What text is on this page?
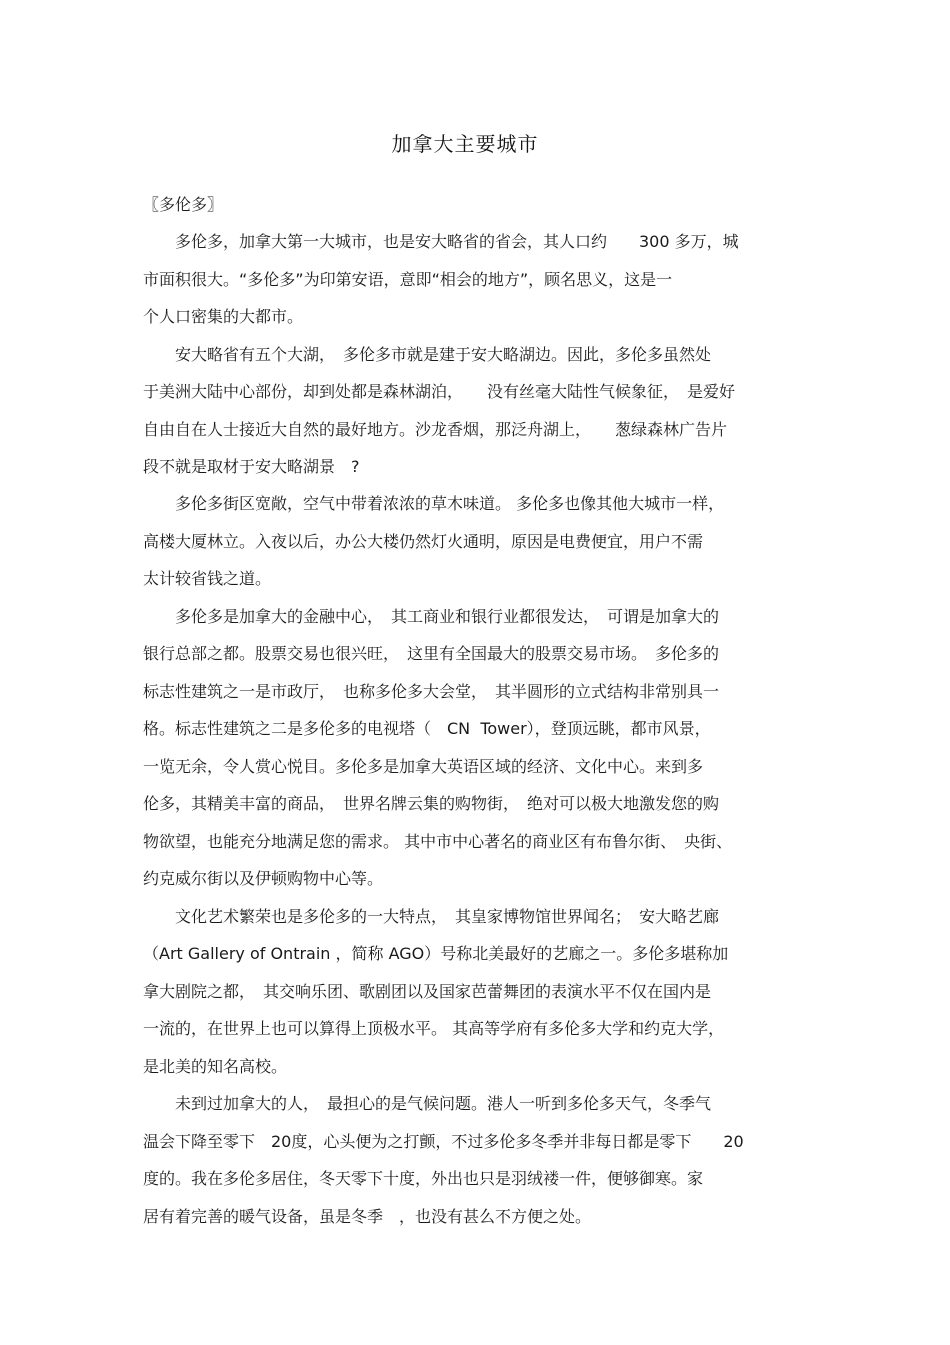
加拿大主要城市
〖多伦多〗
　　多伦多，加拿大第一大城市，也是安大略省的省会，其人口约　　300 多万，城
市面积很大。“多伦多”为印第安语，意即“相会的地方”，顾名思义，这是一
个人口密集的大都市。
　　安大略省有五个大湖，　多伦多市就是建于安大略湖边。因此，多伦多虽然处
于美洲大陆中心部份，却到处都是森林湖泊，　　没有丝毫大陆性气候象征，　是爱好
自由自在人士接近大自然的最好地方。沙龙香烟，那泛舟湖上，　　葱绿森林广告片
段不就是取材于安大略湖景　?
　　多伦多街区宽敞，空气中带着浓浓的草木味道。 多伦多也像其他大城市一样，
高楼大厦林立。入夜以后，办公大楼仍然灯火通明，原因是电费便宜，用户不需
太计较省钱之道。
　　多伦多是加拿大的金融中心，　其工商业和银行业都很发达，　可谓是加拿大的
银行总部之都。股票交易也很兴旺，　这里有全国最大的股票交易市场。　多伦多的
标志性建筑之一是市政厅，　也称多伦多大会堂，　其半圆形的立式结构非常别具一
格。标志性建筑之二是多伦多的电视塔（　CN  Tower），登顶远眺，都市风景，
一览无余，令人赏心悦目。多伦多是加拿大英语区域的经济、文化中心。来到多
伦多，其精美丰富的商品，　世界名牌云集的购物街，　绝对可以极大地激发您的购
物欲望，也能充分地满足您的需求。 其中市中心著名的商业区有布鲁尔街、　央街、
约克威尔街以及伊顿购物中心等。
　　文化艺术繁荣也是多伦多的一大特点，　其皇家博物馆世界闻名；　安大略艺廊
（Art Gallery of Ontrain ，简称 AGO）号称北美最好的艺廊之一。多伦多堪称加
拿大剧院之都，　其交响乐团、歌剧团以及国家芭蕾舞团的表演水平不仅在国内是
一流的，在世界上也可以算得上顶极水平。 其高等学府有多伦多大学和约克大学，
是北美的知名高校。
　　未到过加拿大的人，　最担心的是气候问题。港人一听到多伦多天气，冬季气
温会下降至零下　20度，心头便为之打颤，不过多伦多冬季并非每日都是零下　　20
度的。我在多伦多居住，冬天零下十度，外出也只是羽绒褛一件，便够御寒。家
居有着完善的暖气设备，虽是冬季　，也没有甚么不方便之处。
